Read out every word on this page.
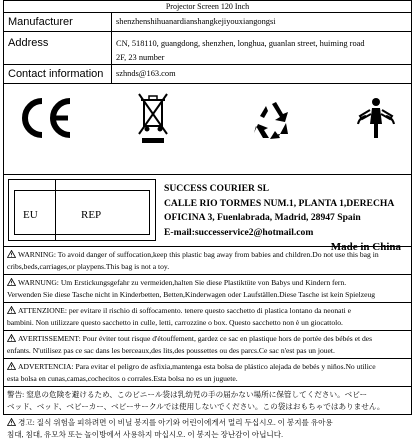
Projector Screen 120 Inch
Manufacturer	shenzhenshihuanardianshangkejiyouxiangongsi
Address	CN, 518110, guangdong, shenzhen, longhua, guanlan street, huiming road
2F, 23 number
Contact information	szhnds@163.com
EU	REP
SUCCESS COURIER SL
CALLE RIO TORMES NUM.1, PLANTA 1,DERECHA
OFICINA 3, Fuenlabrada, Madrid, 28947 Spain
E-mail:successervice2@hotmail.com
Made in China
WARNING: To avoid danger of suffocation,keep this plastic bag away from babies and children.Do not use this bag in
cribs,beds,carriages,or playpens.This bag is not a toy.
WARNUNG: Um Erstickungsgefahr zu vermeiden,halten Sie diese Plastiktüte von Babys und Kindern fern.
Verwenden Sie diese Tasche nicht in Kinderbetten, Betten,Kinderwagen oder Laufställen.Diese Tasche ist kein Spielzeug
ATTENZIONE: per evitare il rischio di soffocamento. tenere questo sacchetto di plastica lontano da neonati e
bambini. Non utilizzare questo sacchetto in culle, letti, carrozzine o box. Questo sacchetto non è un giocattolo.
AVERTISSEMENT: Pour éviter tout risque d'étouffement, gardez ce sac en plastique hors de portée des bébés et des
enfants. N'utilisez pas ce sac dans les berceaux,des lits,des poussettes ou des parcs.Ce sac n'est pas un jouet.
ADVERTENCIA: Para evitar el peligro de asfixia,mantenga esta bolsa de plástico alejada de bebés y niños.No utilice
esta bolsa en cunas,camas,cochecitos o corrales.Esta bolsa no es un juguete.
警告: 窒息の危険を避けるため、このビニール袋は乳幼児の手の届かない場所に保管してください。ベビー
ベッド、ベッド、ベビーカー、ベビーサークルでは使用しないでください。この袋はおもちゃではありません。
경고: 질식 위험을 피하려면 이 비닐 봉지를 아기와 어린이에게서 멀리 두십시오. 이 봉지를 유아용
침대, 침대, 유모차 또는 놀이방에서 사용하지 마십시오. 이 봉지는 장난감이 아닙니다.
